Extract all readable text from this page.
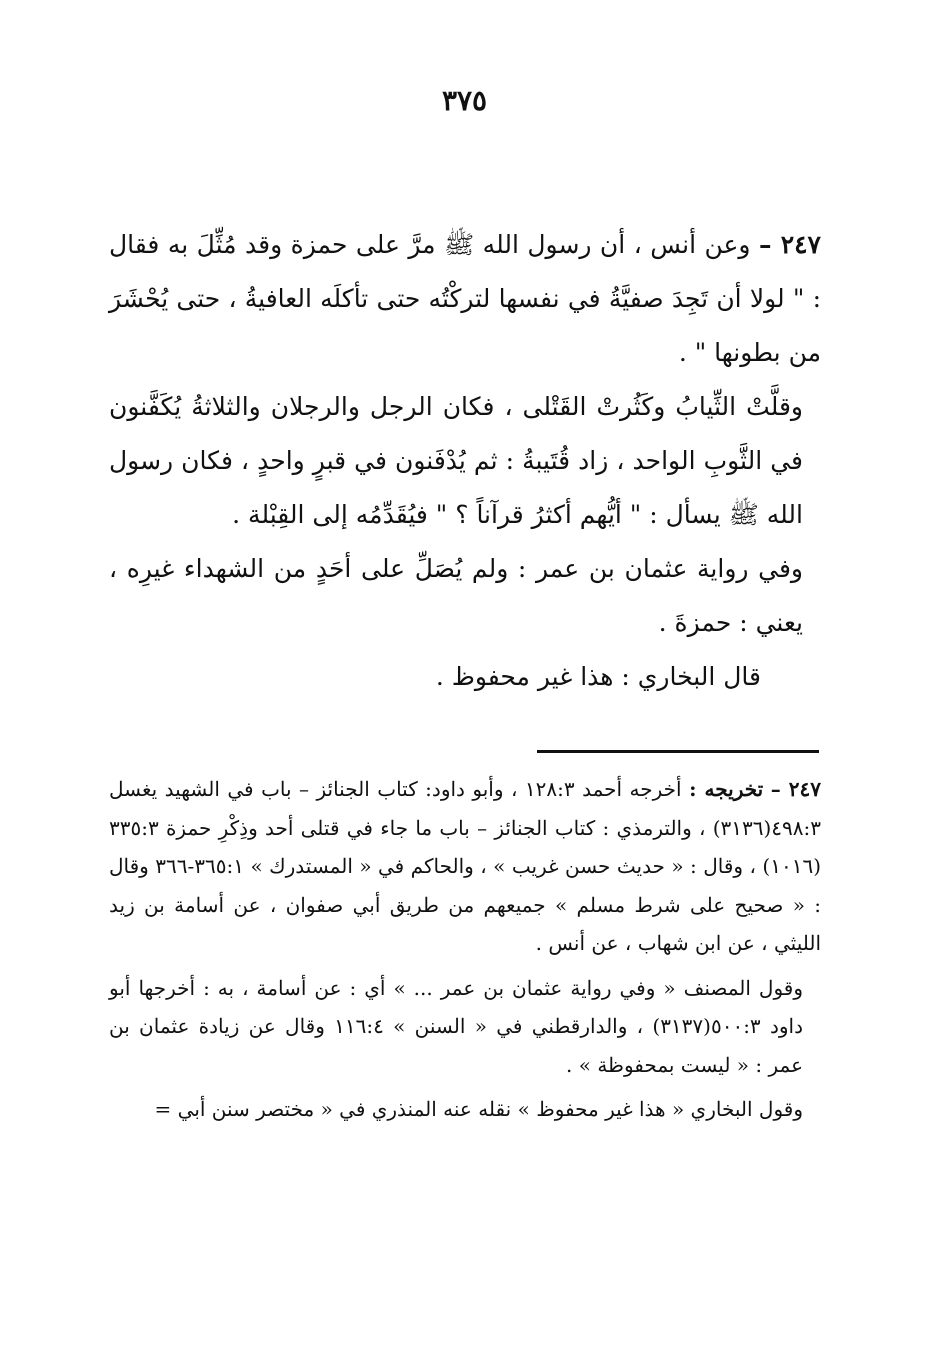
٣٧٥

٢٤٧ – وعن أنس ، أن رسول الله ﷺ مرَّ على حمزة وقد مُثِّلَ به فقال : " لولا أن تَجِدَ صفيَّةُ في نفسها لتركْتُه حتى تأكلَه العافيةُ ، حتى يُحْشَرَ من بطونها " .

وقلَّتْ الثِّيابُ وكَثُرتْ القَتْلى ، فكان الرجل والرجلان والثلاثةُ يُكَفَّنون في الثَّوبِ الواحد ، زاد قُتَيبةُ : ثم يُدْفَنون في قبرٍ واحدٍ ، فكان رسول الله ﷺ يسأل : " أيُّهم أكثرُ قرآناً ؟ " فيُقَدِّمُه إلى القِبْلة .

وفي رواية عثمان بن عمر : ولم يُصَلِّ على أحَدٍ من الشهداء غيرِه ، يعني : حمزةَ .

قال البخاري : هذا غير محفوظ .

٢٤٧ – تخريجه : أخرجه أحمد ١٢٨:٣ ، وأبو داود: كتاب الجنائز – باب في الشهيد يغسل ٤٩٨:٣(٣١٣٦) ، والترمذي : كتاب الجنائز – باب ما جاء في قتلى أحد وذِكْرِ حمزة ٣٣٥:٣ (١٠١٦) ، وقال : « حديث حسن غريب » ، والحاكم في « المستدرك » ٣٦٥:١-٣٦٦ وقال : « صحيح على شرط مسلم » جميعهم من طريق أبي صفوان ، عن أسامة بن زيد الليثي ، عن ابن شهاب ، عن أنس .

وقول المصنف « وفي رواية عثمان بن عمر ... » أي : عن أسامة ، به : أخرجها أبو داود ٥٠٠:٣(٣١٣٧) ، والدارقطني في « السنن » ١١٦:٤ وقال عن زيادة عثمان بن عمر : « ليست بمحفوظة » .

وقول البخاري « هذا غير محفوظ » نقله عنه المنذري في « مختصر سنن أبي =
